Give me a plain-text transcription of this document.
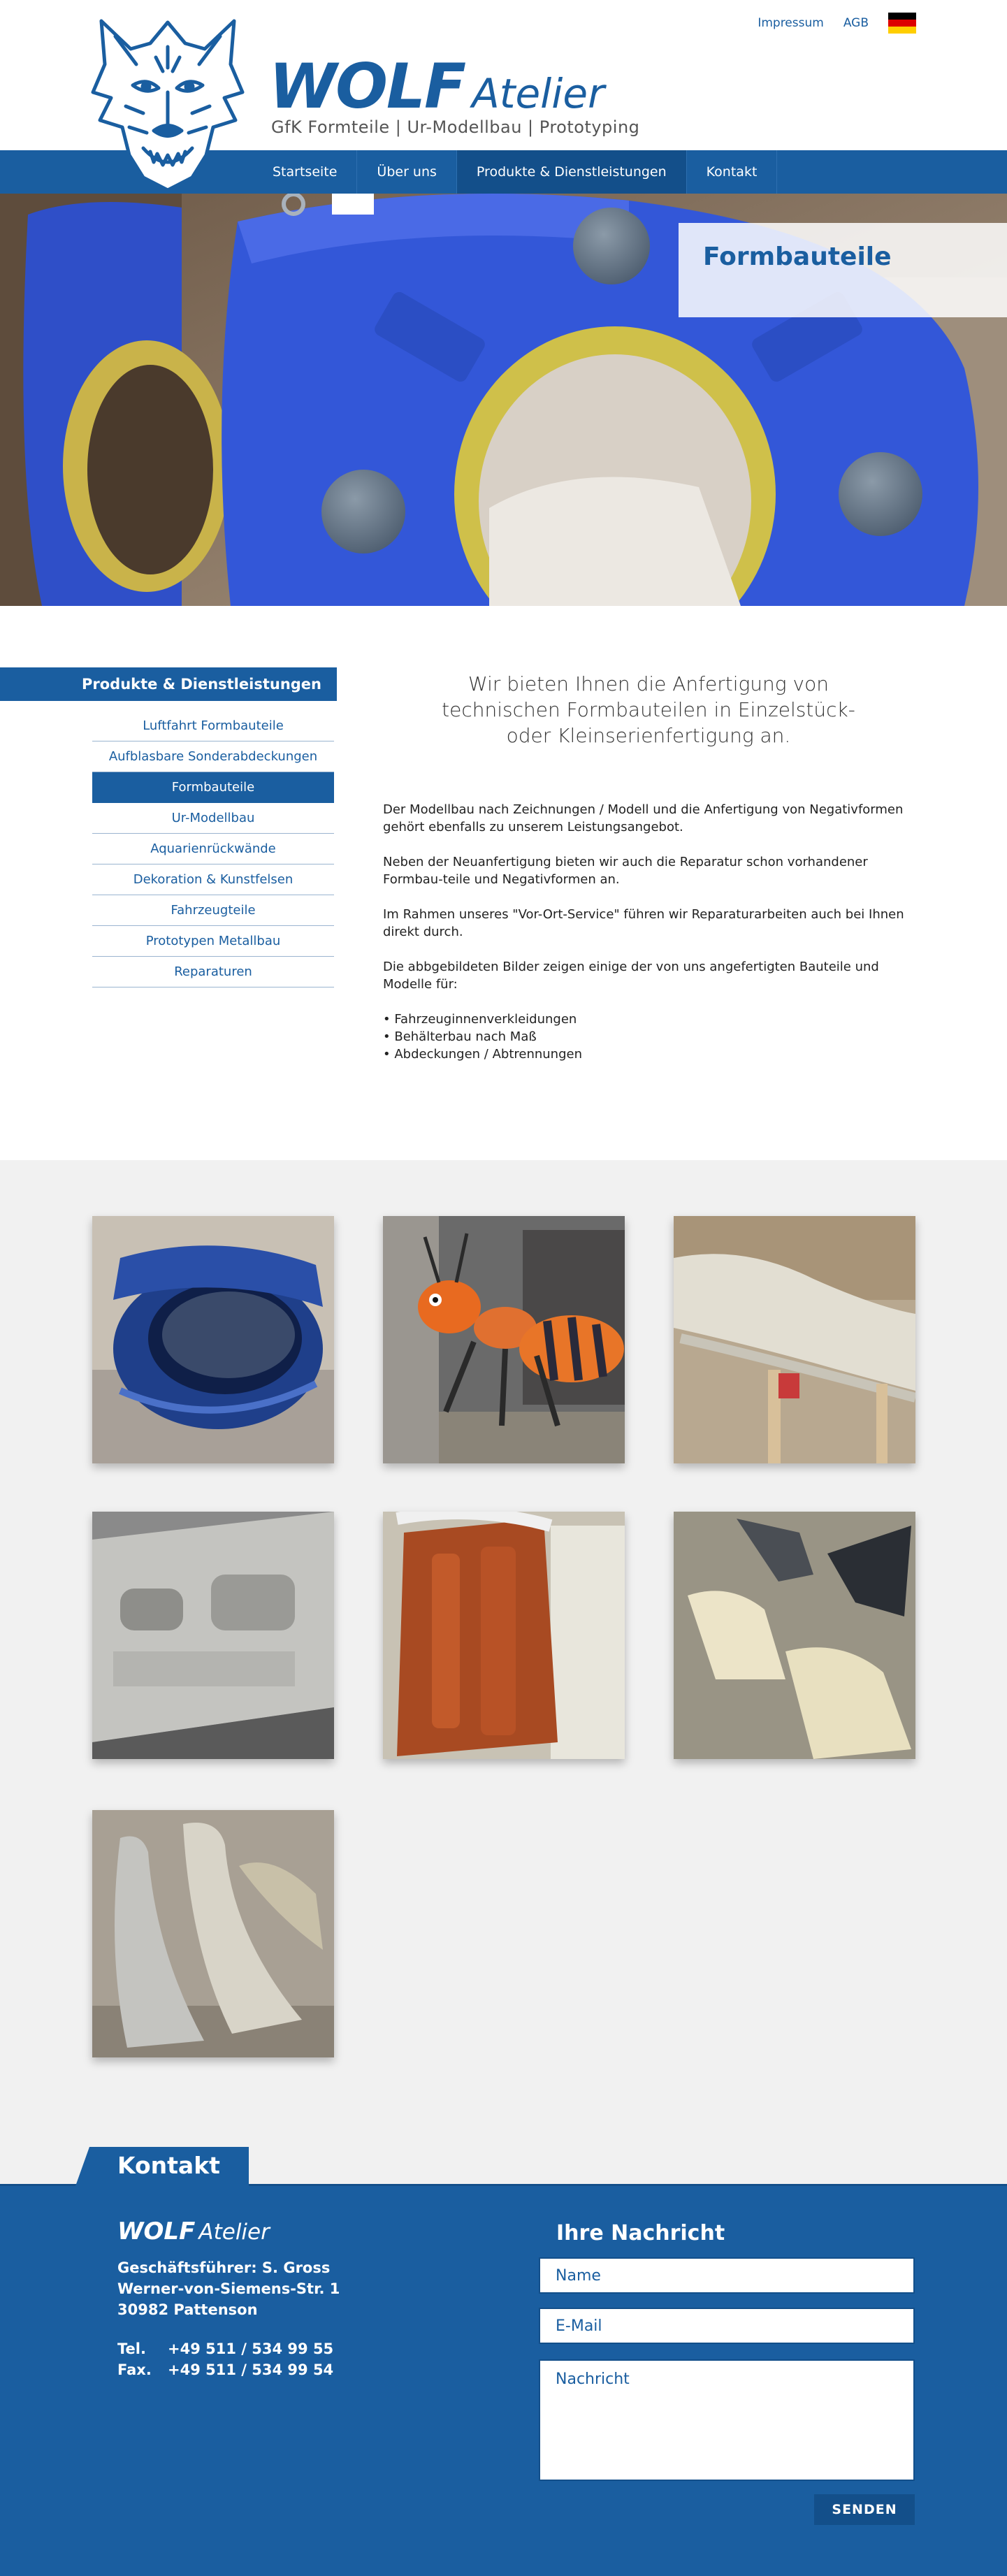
Impressum AGB
WOLF Atelier
GfK Formteile | Ur-Modellbau | Prototyping
Startseite	Über uns	Produkte & Dienstleistungen	Kontakt
Formbauteile
Produkte & Dienstleistungen
Luftfahrt Formbauteile
Aufblasbare Sonderabdeckungen
Formbauteile
Ur-Modellbau
Aquarienrückwände
Dekoration & Kunstfelsen
Fahrzeugteile
Prototypen Metallbau
Reparaturen
Wir bieten Ihnen die Anfertigung von
technischen Formbauteilen in Einzelstück-
oder Kleinserienfertigung an.

Der Modellbau nach Zeichnungen / Modell und die Anfertigung von Negativformen gehört ebenfalls zu unserem Leistungsangebot.

Neben der Neuanfertigung bieten wir auch die Reparatur schon vorhandener Formbau-teile und Negativformen an.

Im Rahmen unseres "Vor-Ort-Service" führen wir Reparaturarbeiten auch bei Ihnen direkt durch.

Die abbgebildeten Bilder zeigen einige der von uns angefertigten Bauteile und Modelle für:

• Fahrzeuginnenverkleidungen
• Behälterbau nach Maß
• Abdeckungen / Abtrennungen
Kontakt
WOLF Atelier
Geschäftsführer: S. Gross
Werner-von-Siemens-Str. 1
30982 Pattenson
Tel. +49 511 / 534 99 55
Fax. +49 511 / 534 99 54
Ihre Nachricht
Name
E-Mail
Nachricht
SENDEN
